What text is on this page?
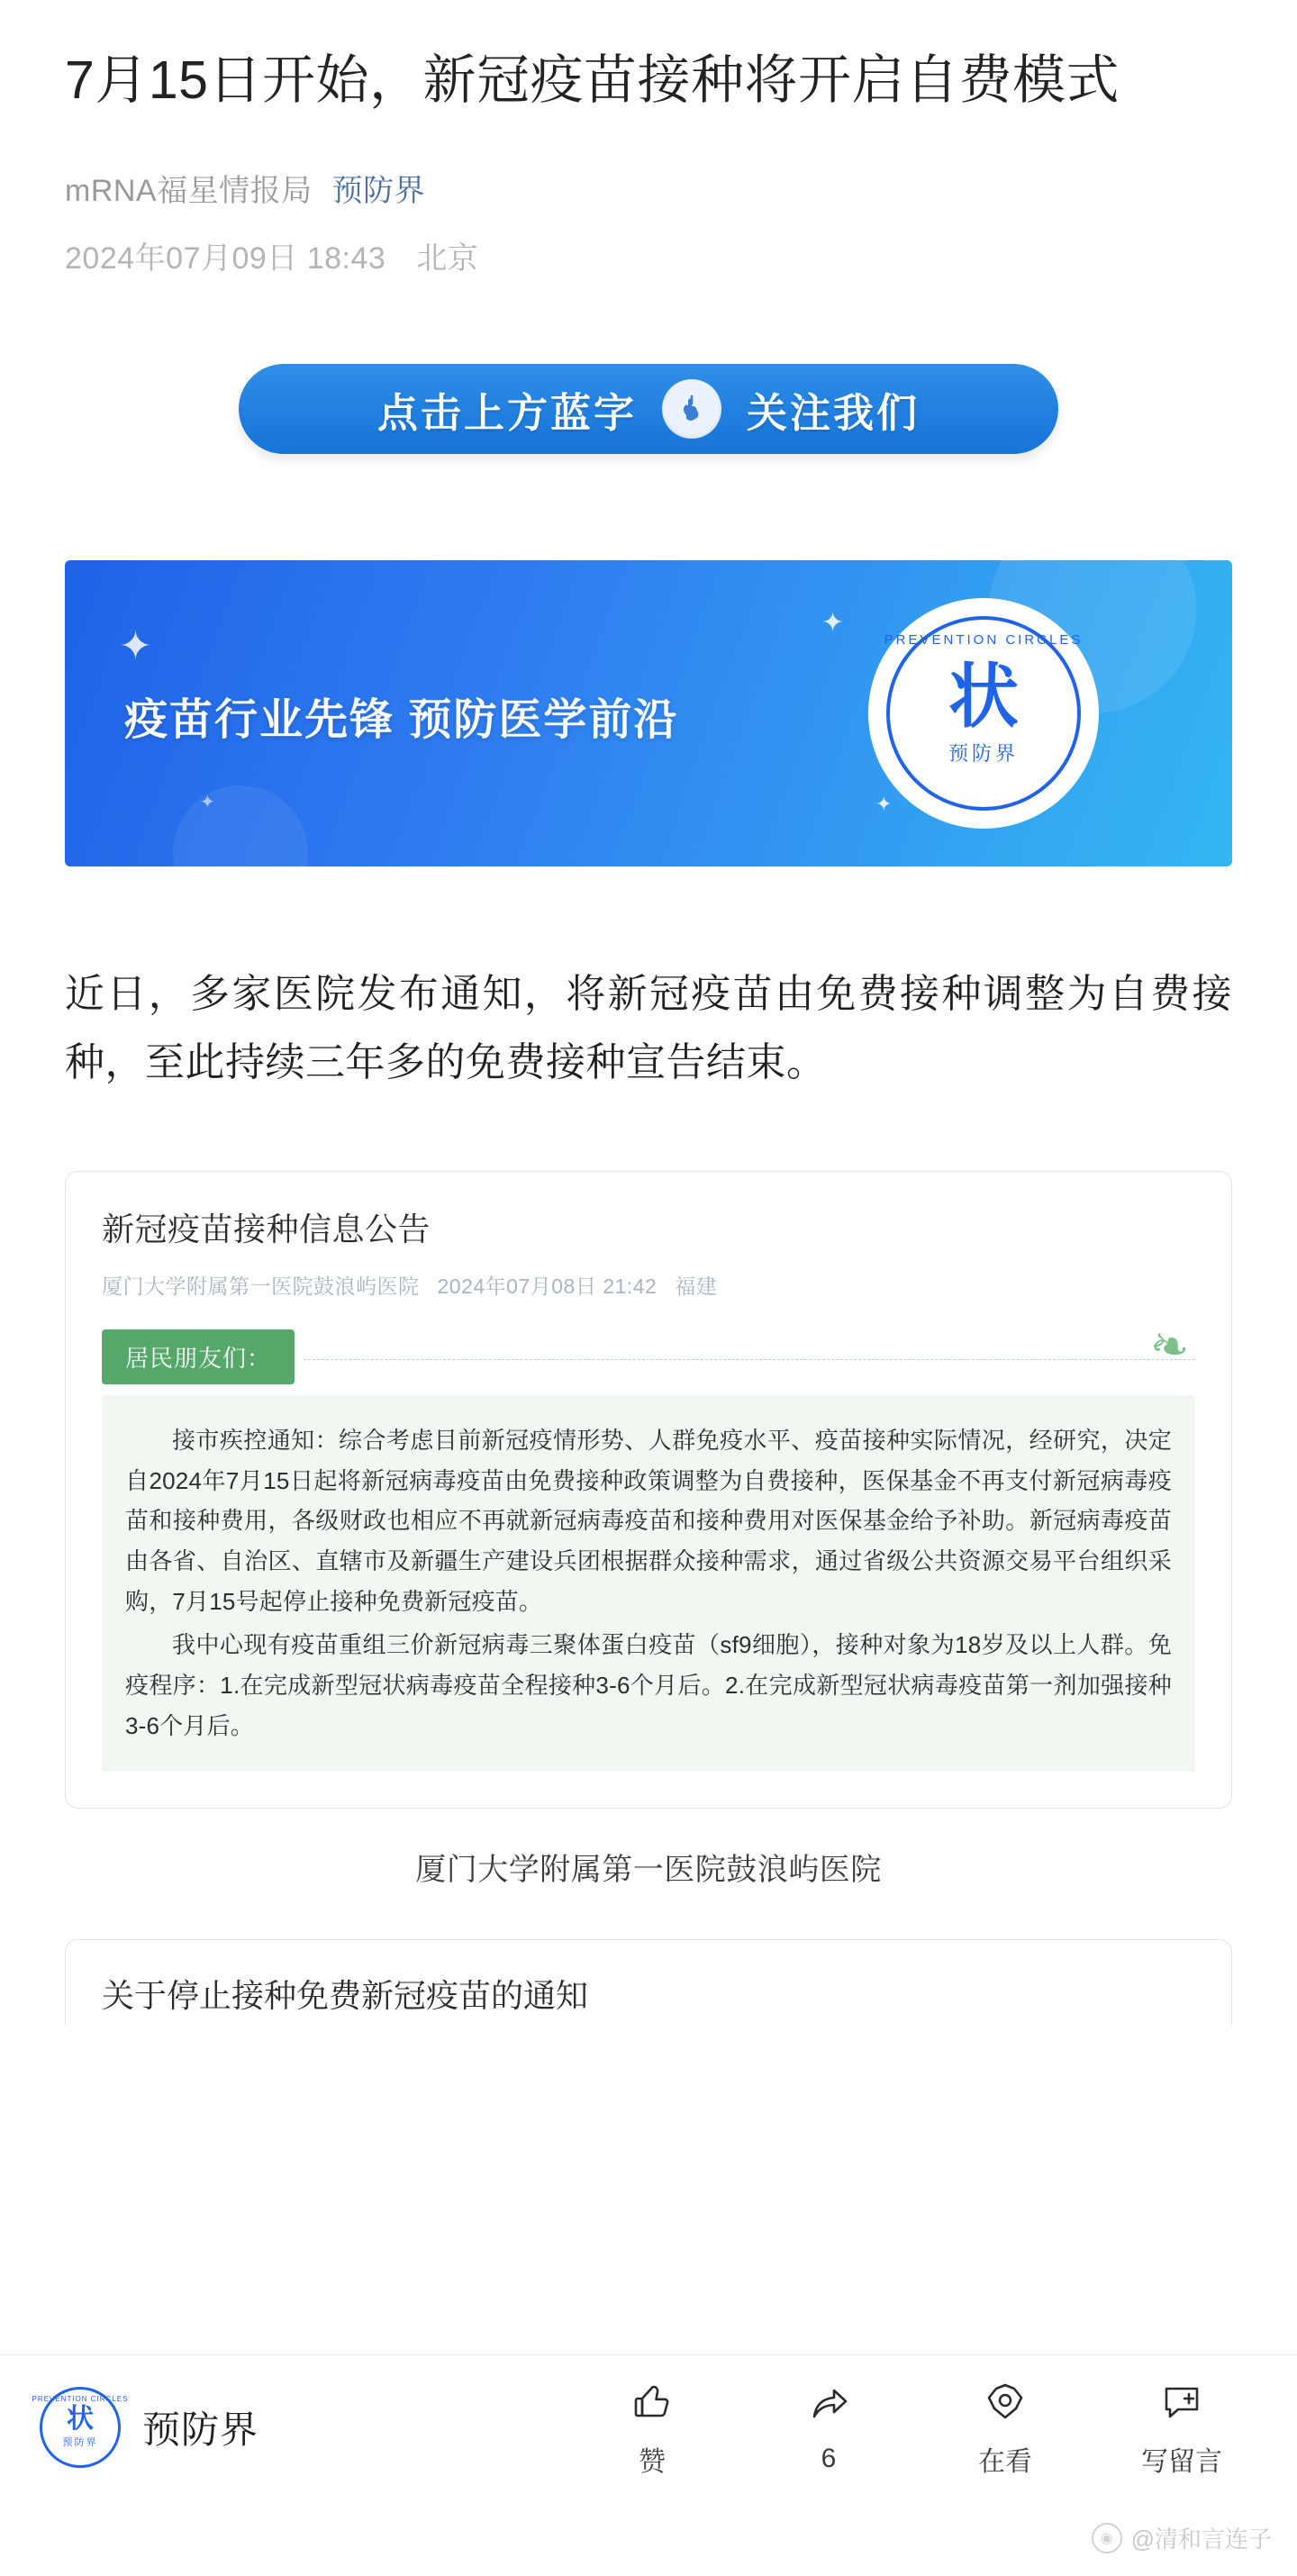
7月15日开始，新冠疫苗接种将开启自费模式
mRNA福星情报局 预防界
2024年07月09日 18:43 北京
点击上方蓝字	关注我们
✦
✦
✦
✦
疫苗行业先锋 预防医学前沿
PREVENTION CIRCLES
状
预防界
近日，多家医院发布通知，将新冠疫苗由免费接种调整为自费接种，至此持续三年多的免费接种宣告结束。
新冠疫苗接种信息公告
厦门大学附属第一医院鼓浪屿医院 2024年07月08日 21:42 福建
居民朋友们：	❧

接市疾控通知：综合考虑目前新冠疫情形势、人群免疫水平、疫苗接种实际情况，经研究，决定自2024年7月15日起将新冠病毒疫苗由免费接种政策调整为自费接种，医保基金不再支付新冠病毒疫苗和接种费用，各级财政也相应不再就新冠病毒疫苗和接种费用对医保基金给予补助。新冠病毒疫苗由各省、自治区、直辖市及新疆生产建设兵团根据群众接种需求，通过省级公共资源交易平台组织采购，7月15号起停止接种免费新冠疫苗。

我中心现有疫苗重组三价新冠病毒三聚体蛋白疫苗（sf9细胞），接种对象为18岁及以上人群。免疫程序：1.在完成新型冠状病毒疫苗全程接种3-6个月后。2.在完成新型冠状病毒疫苗第一剂加强接种3-6个月后。

厦门大学附属第一医院鼓浪屿医院
关于停止接种免费新冠疫苗的通知
PREVENTION CIRCLES
状
预防界 预防界
赞	6	在看	写留言
◉ @清和言连子
